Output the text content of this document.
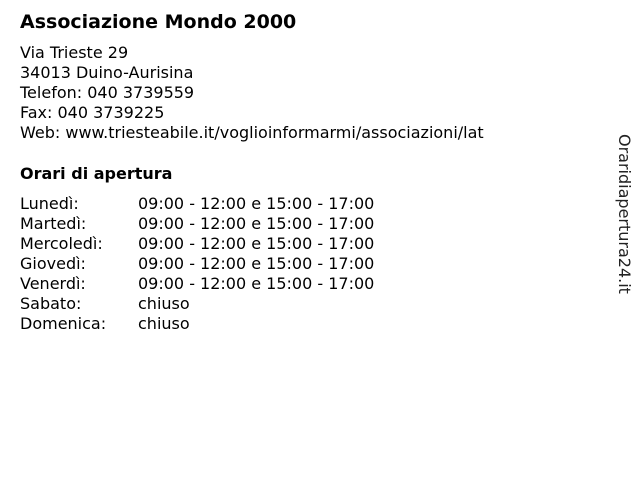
Associazione Mondo 2000
Via Trieste 29
34013 Duino-Aurisina
Telefon: 040 3739559
Fax: 040 3739225
Web: www.triesteabile.it/voglioinformarmi/associazioni/lat
Orari di apertura
Lunedì:	09:00 - 12:00 e 15:00 - 17:00
Martedì:	09:00 - 12:00 e 15:00 - 17:00
Mercoledì: 09:00 - 12:00 e 15:00 - 17:00
Giovedì:	09:00 - 12:00 e 15:00 - 17:00
Venerdì:	09:00 - 12:00 e 15:00 - 17:00
Sabato:	chiuso
Domenica: chiuso
Oraridiapertura24.it
